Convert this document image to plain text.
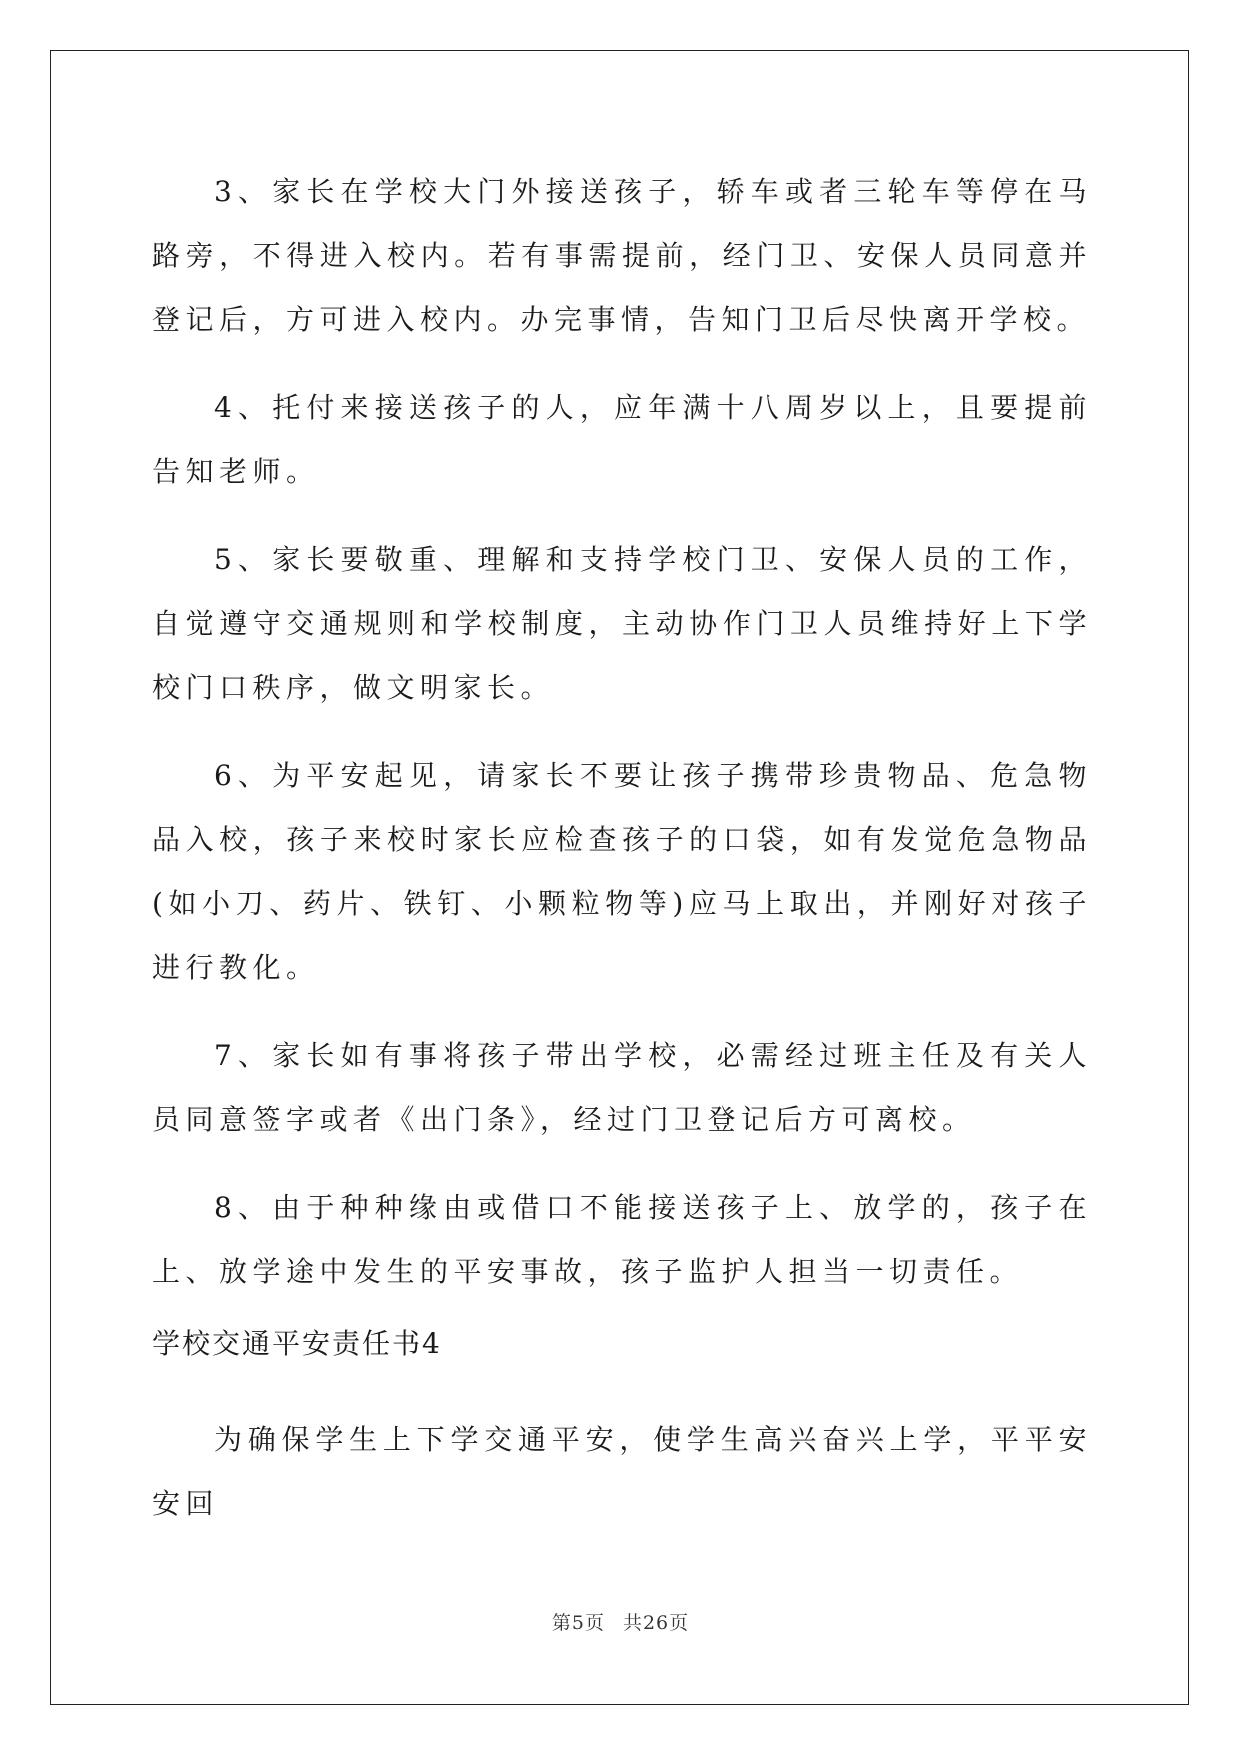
3、家长在学校大门外接送孩子，轿车或者三轮车等停在马路旁，不得进入校内。若有事需提前，经门卫、安保人员同意并登记后，方可进入校内。办完事情，告知门卫后尽快离开学校。

4、托付来接送孩子的人，应年满十八周岁以上，且要提前告知老师。

5、家长要敬重、理解和支持学校门卫、安保人员的工作，自觉遵守交通规则和学校制度，主动协作门卫人员维持好上下学校门口秩序，做文明家长。

6、为平安起见，请家长不要让孩子携带珍贵物品、危急物品入校，孩子来校时家长应检查孩子的口袋，如有发觉危急物品(如小刀、药片、铁钉、小颗粒物等)应马上取出，并刚好对孩子进行教化。

7、家长如有事将孩子带出学校，必需经过班主任及有关人员同意签字或者《出门条》，经过门卫登记后方可离校。

8、由于种种缘由或借口不能接送孩子上、放学的，孩子在上、放学途中发生的平安事故，孩子监护人担当一切责任。

学校交通平安责任书4

为确保学生上下学交通平安，使学生高兴奋兴上学，平平安安回

第5页 共26页
